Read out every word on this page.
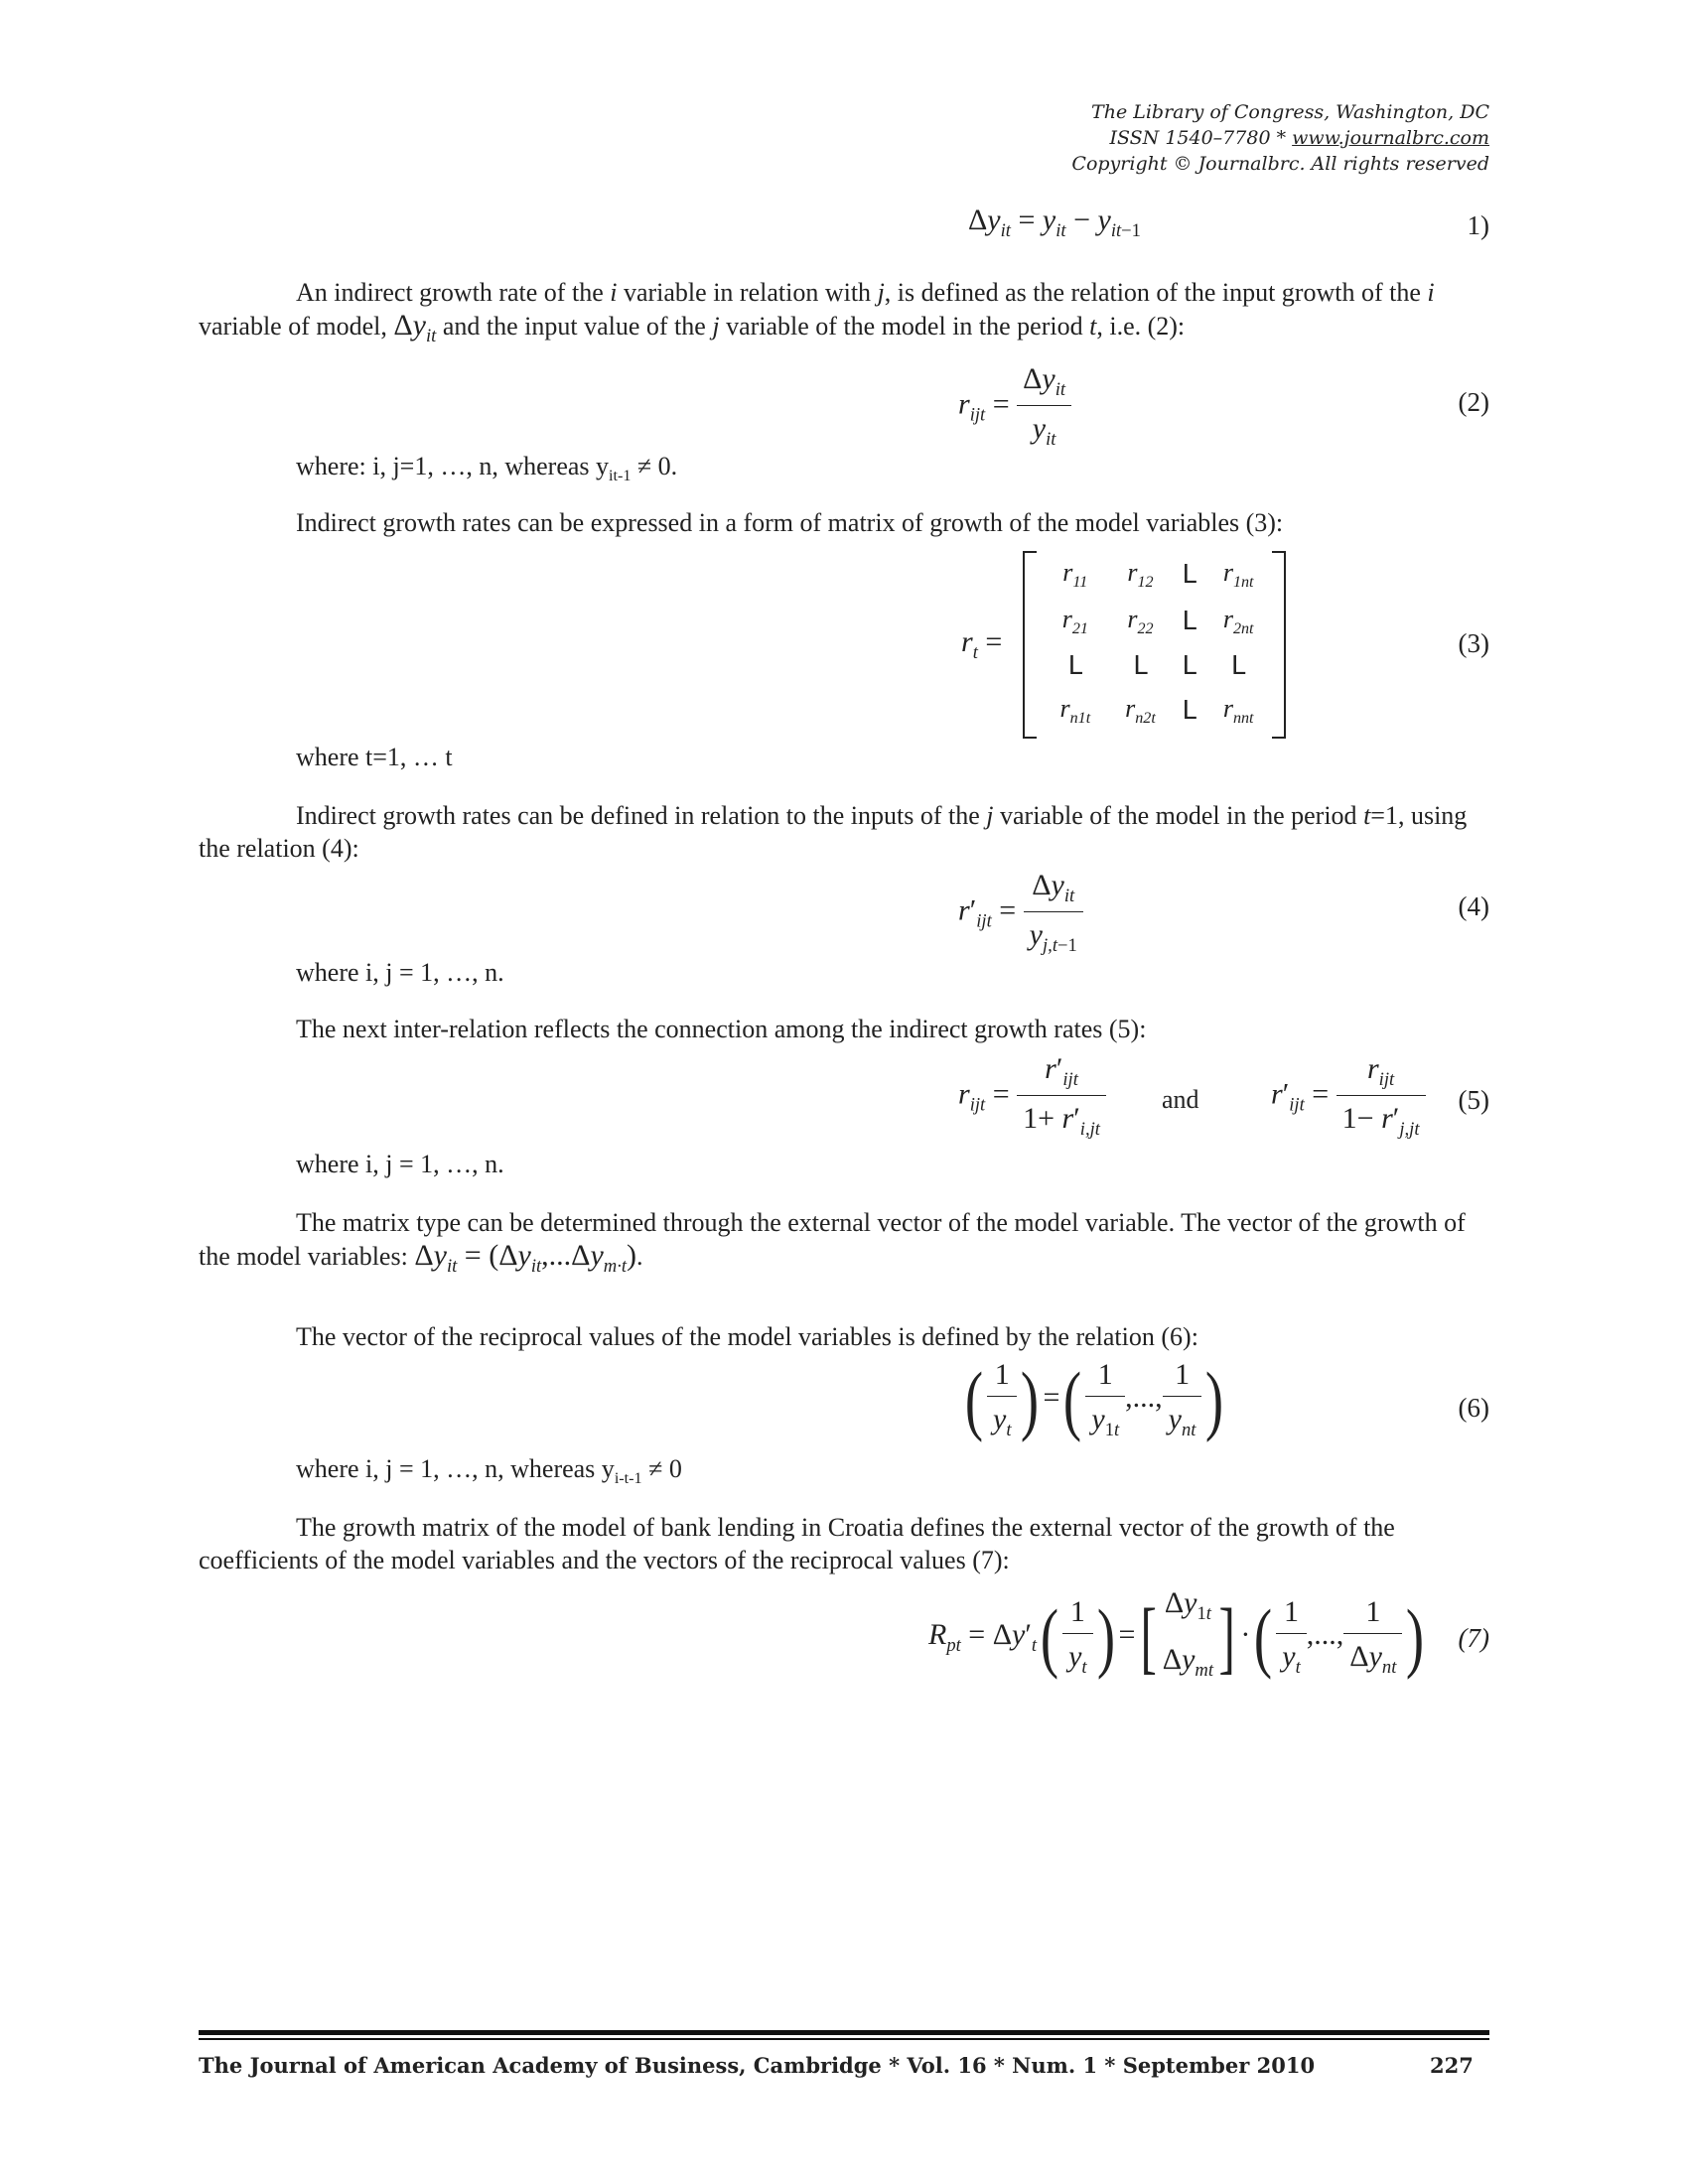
The Library of Congress, Washington, DC
ISSN 1540–7780 * www.journalbrc.com
Copyright © Journalbrc. All rights reserved
$\Delta y_{it} = y_{it} - y_{it-1}$	1)
An indirect growth rate of the i variable in relation with j, is defined as the relation of the input growth of the i variable of model, $\Delta y_{it}$ and the input value of the j variable of the model in the period t, i.e. (2):
$r_{ijt} = \frac{\Delta y_{it}}{y_{it}}$	(2)
where: i, j=1, …, n, whereas $y_{it-1} \ne 0$.
Indirect growth rates can be expressed in a form of matrix of growth of the model variables (3):
$r_t$ =
$r_{11}$	$r_{12}$	L	$r_{1nt}$
$r_{21}$	$r_{22}$	L	$r_{2nt}$
L	L	L	L
$r_{n1t}$	$r_{n2t}$	L	$r_{nnt}$
(3)
where t=1, … t
Indirect growth rates can be defined in relation to the inputs of the j variable of the model in the period t=1, using the relation (4):
$r'_{ijt} = \frac{\Delta y_{it}}{y_{j,t-1}}$	(4)
where i, j = 1, …, n.
The next inter-relation reflects the connection among the indirect growth rates (5):
$r_{ijt} = \frac{r'_{ijt}}{1+ r'_{i,jt}}$ and $r'_{ijt} = \frac{r_{ijt}}{1- r'_{j,jt}} (5)$
where i, j = 1, …, n.
The matrix type can be determined through the external vector of the model variable. The vector of the growth of the model variables: $\Delta y_{it} = (\Delta y_{it},...\Delta y_{m\cdot t})$.
The vector of the reciprocal values of the model variables is defined by the relation (6):
( $\frac{1}{y_t}$ ) =( $\frac{1}{y_{1t}}$ ,..., $\frac{1}{y_{nt}}$ )	(6)
where i, j = 1, …, n, whereas $y_{i-t-1} \ne 0$
The growth matrix of the model of bank lending in Croatia defines the external vector of the growth of the coefficients of the model variables and the vectors of the reciprocal values (7):
$R_{pt} = \Delta y'_t( \frac{1}{y_t}$ ) =[ $\Delta y_{1t}$
$\Delta y_{mt}$ ] ·( $\frac{1}{y_t}$ ,..., $\frac{1}{\Delta y_{nt}}$ ) (7)
The Journal of American Academy of Business, Cambridge * Vol. 16 * Num. 1 * September 2010	227
